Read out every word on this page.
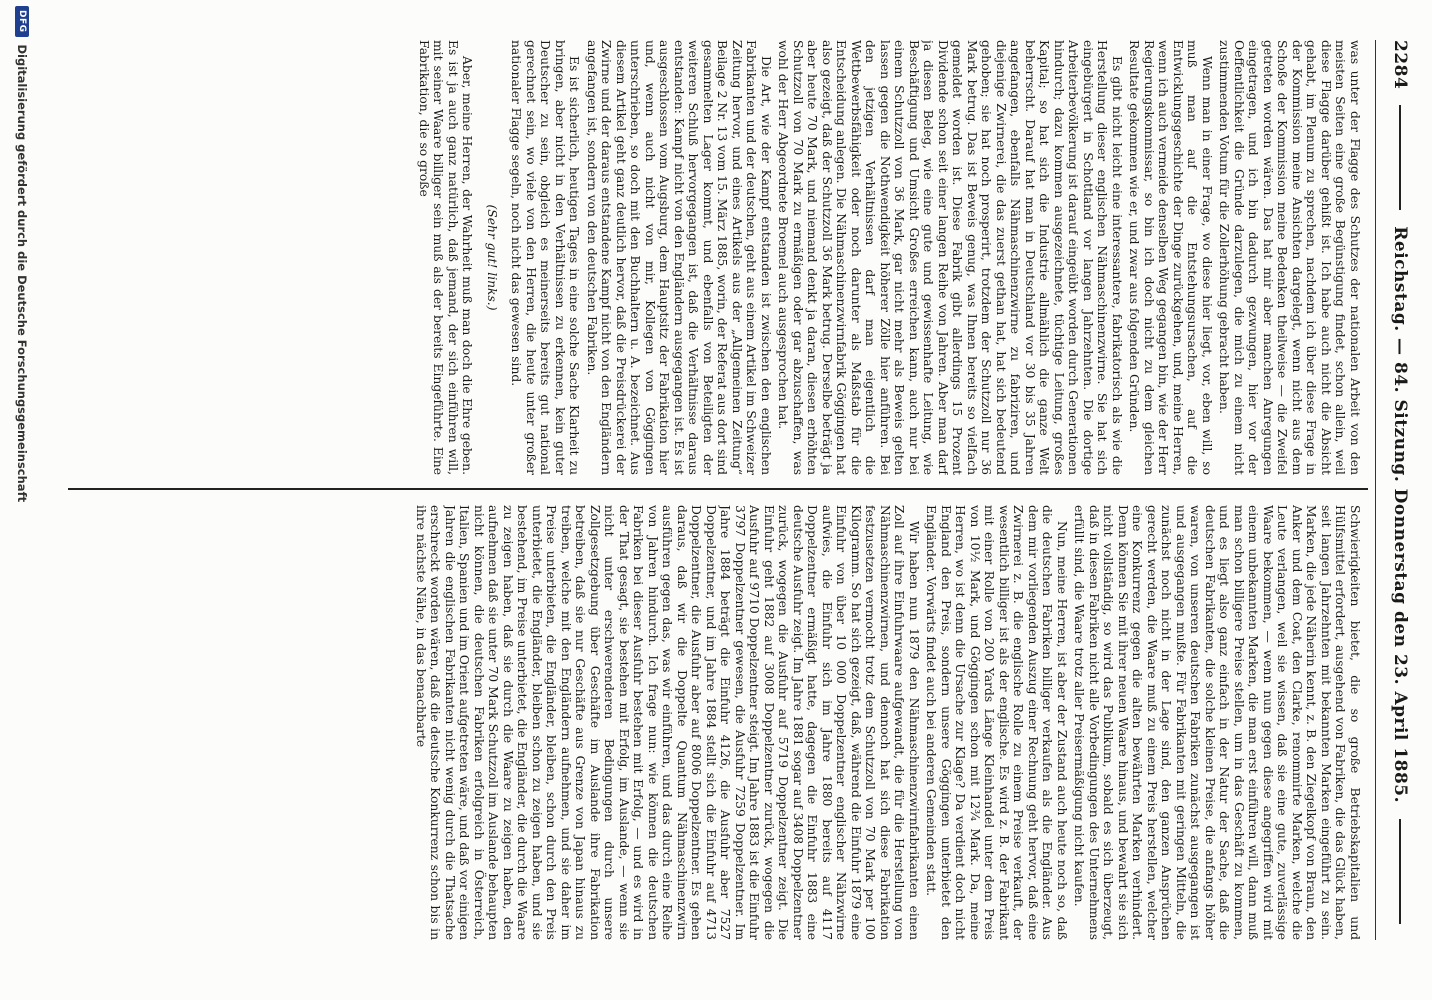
2284
Reichstag. — 84. Sitzung. Donnerstag den 23. April 1885.

was unter der Flagge des Schutzes der nationalen Arbeit von den meisten Seiten eine große Begünstigung findet, schon allein, weil diese Flagge darüber gehißt ist. Ich habe auch nicht die Absicht gehabt, im Plenum zu sprechen, nachdem ich über diese Frage in der Kommission meine Ansichten dargelegt, wenn nicht aus dem Schoße der Kommission meine Bedenken theilweise — die Zweifel getreten worden wären. Das hat mir aber manchen Anregungen eingetragen, und ich bin dadurch gezwungen, hier vor der Oeffentlichkeit die Gründe darzulegen, die mich zu einem nicht zustimmenden Votum für die Zollerhöhung gebracht haben.

Wenn man in einer Frage, wo diese hier liegt, vor, eben will, so muß man auf die Entstehungsursachen, auf die Entwicklungsgeschichte der Dinge zurückgehen, und, meine Herren, wenn ich auch vermeide denselben Weg gegangen bin, wie der Herr Regierungskommissar, so bin ich doch nicht zu dem gleichen Resultate gekommen wie er, und zwar aus folgenden Gründen.

Es gibt nicht leicht eine interessantere, fabrikatorisch als wie die Herstellung dieser englischen Nähmaschinenzwirne. Sie hat sich eingebürgert in Schottland vor langen Jahrzehnten. Die dortige Arbeiterbevölkerung ist darauf eingeübt worden durch Generationen hindurch; dazu kommen ausgezeichnete, tüchtige Leitung, großes Kapital; so hat sich die Industrie allmählich die ganze Welt beherrscht. Darauf hat man in Deutschland vor 30 bis 35 Jahren angefangen, ebenfalls Nähmaschinenzwirne zu fabriziren, und diejenige Zwirnerei, die das zuerst gethan hat, hat sich bedeutend gehoben; sie hat noch prosperirt, trotzdem der Schutzzoll nur 36 Mark betrug. Das ist Beweis genug, was Ihnen bereits so vielfach gemeldet worden ist. Diese Fabrik gibt allerdings 15 Prozent Dividende schon seit einer langen Reihe von Jahren. Aber man darf ja diesen Beleg, wie eine gute und gewissenhafte Leitung, wie Beschäftigung und Umsicht Großes erreichen kann, auch nur bei einem Schutzzoll von 36 Mark, gar nicht mehr als Beweis gelten lassen gegen die Nothwendigkeit höherer Zölle hier anführen. Bei den jetzigen Verhältnissen darf man eigentlich die Wettbewerbsfähigkeit oder noch darunter als Maßstab für die Entscheidung anlegen. Die Nähmaschinenzwirnfabrik Göggingen hat also gezeigt, daß der Schutzzoll 36 Mark betrug. Derselbe beträgt ja aber heute 70 Mark, und niemand denkt ja daran, diesen erhöhten Schutzzoll von 70 Mark zu ermäßigen oder gar abzuschaffen, was wohl der Herr Abgeordnete Broemel auch ausgesprochen hat.

Die Art, wie der Kampf entstanden ist zwischen den englischen Fabrikanten und der deutschen, geht aus einem Artikel im Schweizer Zeitung hervor, und eines Artikels aus der „Allgemeinen Zeitung“ Beilage 2 Nr. 13 vom 15. März 1885, worin, der Referat aus dort sind gesammelten Lager kommt, und ebenfalls von Beteiligten der weiteren Schluß hervorgegangen ist, daß die Verhältnisse daraus entstanden: Kampf nicht von den Engländern ausgegangen ist. Es ist ausgeschlossen vom Augsburg, dem Hauptsitz der Fabrikation hier und, wenn auch nicht von mir, Kollegen von Göggingen unterschrieben, so doch mit den Buchhaltern u. A. bezeichnet. Aus diesem Artikel geht ganz deutlich hervor, daß die Preisdrückerei der Zwirne und der daraus entstandene Kampf nicht von den Engländern angefangen ist, sondern von den deutschen Fabriken.

Es ist sicherlich, heutigen Tages in eine solche Sache Klarheit zu bringen, aber nicht in den Verhältnissen zu erkennen, kein guter Deutscher zu sein, obgleich es meinerseits bereits gut national gerechnet sein, wo viele von den Herren, die heute unter großer nationaler Flagge segeln, noch nicht das gewesen sind.

(Sehr gut! links.)

Aber, meine Herren, der Wahrheit muß man doch die Ehre geben. Es ist ja auch ganz natürlich, daß jemand, der sich einführen will, mit seiner Waare billiger sein muß als der bereits Eingeführte. Eine Fabrikation, die so große

Schwierigkeiten bietet, die so große Betriebskapitalien und Hülfsmittel erfordert, ausgehend von Fabriken, die das Glück haben, seit langen Jahrzehnten mit bekannten Marken eingeführt zu sein. Marken, die jede Näherin kennt, z. B. den Ziegelkopf von Braun, den Anker und dem Coat, den Clarke, renommirte Marken, welche die Leute verlangen, weil sie wissen, daß sie eine gute, zuverlässige Waare bekommen, — wenn nun gegen diese angegriffen wird mit einem unbekannten Marken, die man erst einführen will, dann muß man schon billigere Preise stellen, um in das Geschäft zu kommen, und es liegt also ganz einfach in der Natur der Sache, daß die deutschen Fabrikanten, die solche kleinen Preise, die anfangs höher waren, von unseren deutschen Fabriken zunächst ausgegangen ist und ausgegangen mußte. Für Fabrikanten mit geringen Mitteln, die zunächst noch nicht in der Lage sind, den ganzen Ansprüchen gerecht werden, die Waare muß zu einem Preis herstellen, welcher eine Konkurrenz gegen die alten bewährten Marken verhindert. Denn können Sie mit ihrer neuen Waare hinaus, und bewahrt sie sich nicht vollständig, so wird das Publikum, sobald es sich überzeugt, daß in diesen Fabriken nicht alle Vorbedingungen des Unternehmens erfüllt sind, die Waare trotz aller Preisermäßigung nicht kaufen.

Nun, meine Herren, ist aber der Zustand auch heute noch so, daß die deutschen Fabriken billiger verkaufen als die Engländer. Aus dem mir vorliegenden Auszug einer Rechnung geht hervor, daß eine Zwirnerei z. B. die englische Rolle zu einem Preise verkauft, der wesentlich billiger ist als der englische. Es wird z. B. der Fabrikant mit einer Rolle von 200 Yards Länge Kleinhandel unter dem Preis von 10½ Mark, und Göggingen schon mit 12¾ Mark. Da, meine Herren, wo ist denn die Ursache zur Klage? Da verdient doch nicht England den Preis, sondern unsere Göggingen unterbietet den Engländer. Vorwärts findet auch bei anderen Gemeinden statt.

Wir haben nun 1879 den Nähmaschinenzwirnfabrikanten einen Zoll auf ihre Einfuhrwaare aufgewandt, die für die Herstellung von Nähmaschinenzwirnen, und dennoch hat sich diese Fabrikation festzusetzen vermocht trotz dem Schutzzoll von 70 Mark per 100 Kilogramm. So hat sich gezeigt, daß, während die Einfuhr 1879 eine Einfuhr von über 10 000 Doppelzentner englischer Nähzwirne aufwies, die Einfuhr sich im Jahre 1880 bereits auf 4117 Doppelzentner ermäßigt hatte, dagegen die Einfuhr 1883 eine deutsche Ausfuhr zeigt. Im Jahre 1881 sogar auf 3408 Doppelzentner zurück, wogegen die Ausfuhr auf 5719 Doppelzentner zeigt. Die Einfuhr geht 1882 auf 3008 Doppelzentner zurück, wogegen die Ausfuhr auf 9710 Doppelzentner steigt. Im Jahre 1883 ist die Einfuhr 3797 Doppelzentner gewesen, die Ausfuhr 7259 Doppelzentner. Im Jahre 1884 beträgt die Einfuhr 4126, die Ausfuhr aber 7527 Doppelzentner, und im Jahre 1884 stellt sich die Einfuhr auf 4713 Doppelzentner, die Ausfuhr aber auf 8006 Doppelzentner. Es gehen daraus, daß wir die Doppelte Quantum Nähmaschinenzwirn ausführen gegen das, was wir einführen, und das durch eine Reihe von Jahren hindurch. Ich frage nun: wie können die deutschen Fabriken bei dieser Ausfuhr bestehen mit Erfolg, — und es wird in der That gesagt, sie bestehen mit Erfolg, im Auslande, — wenn sie nicht unter erschwerenderen Bedingungen durch unsere Zollgesetzgebung über Geschäfte im Auslande ihre Fabrikation betreiben, daß sie nur Geschäfte aus Grenze von Japan hinaus zu treiben, welche mit den Engländern aufnehmen, und sie daher im Preise unterbieten, die Engländer, bleiben, schon durch den Preis unterbietet, die Engländer, bleiben schon zu zeigen haben, und sie bestehend, im Preise unterbietet, die Engländer, die durch die Waare zu zeigen haben, daß sie durch die Waare zu zeigen haben, den aufnehmen daß sie unter 70 Mark Schutzzoll im Auslande behaupten nicht können, die deutschen Fabriken erfolgreich in Österreich, Italien, Spanien und im Orient aufgetreten wäre, und daß vor einigen Jahren die englischen Fabrikanten nicht wenig durch die Thatsache erschreckt worden wären, daß die deutsche Konkurrenz schon bis in ihre nächste Nähe, in das benachbarte

DFG
Digitalisierung gefördert durch die Deutsche Forschungsgemeinschaft
